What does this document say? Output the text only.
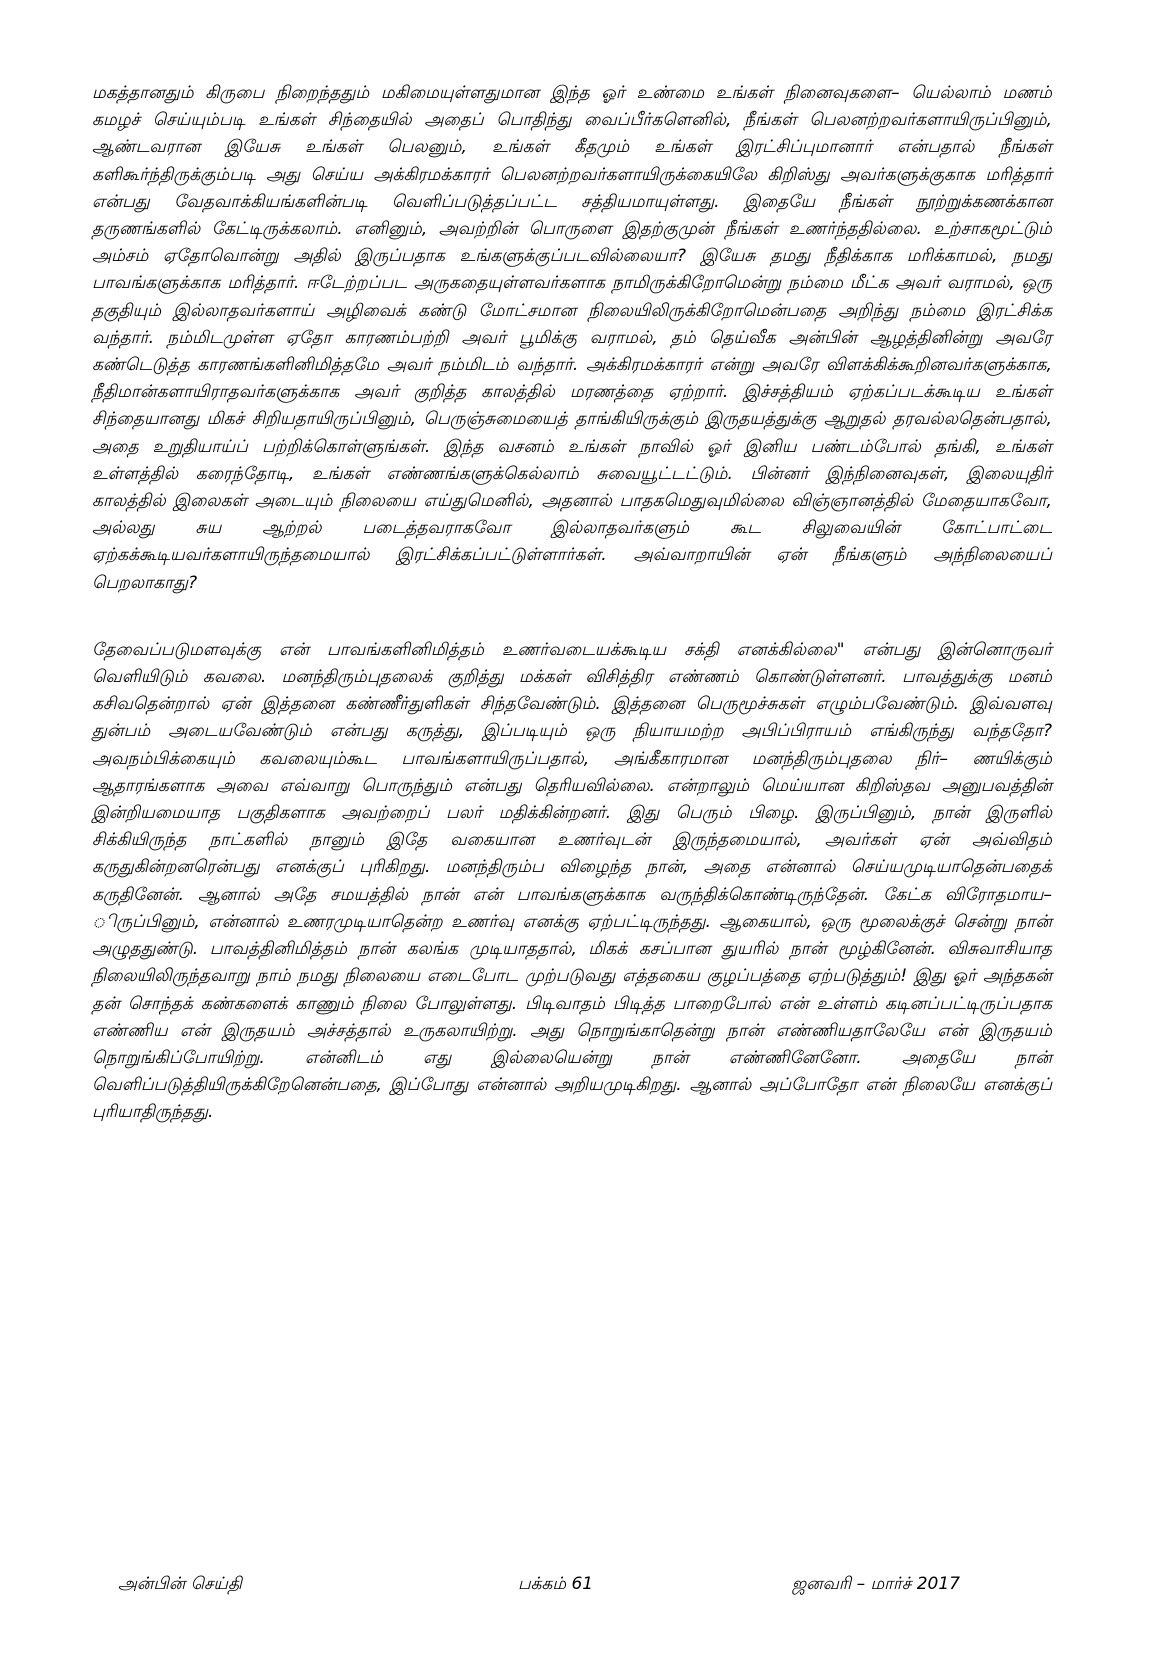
மகத்தானதும் கிருபை நிறைந்ததும் மகிமையுள்ளதுமான இந்த ஓர் உண்மை உங்கள் நினைவுகளை– யெல்லாம் மணம் கமழச் செய்யும்படி உங்கள் சிந்தையில் அதைப் பொதிந்து வைப்பீர்களெனில், நீங்கள் பெலனற்றவர்களாயிருப்பினும், ஆண்டவரான இயேசு உங்கள் பெலனும், உங்கள் கீதமும் உங்கள் இரட்சிப்புமானார் என்பதால் நீங்கள் களிகூர்ந்திருக்கும்படி அது செய்ய அக்கிரமக்காரர் பெலனற்றவர்களாயிருக்கையிலே கிறிஸ்து அவர்களுக்குகாக மரித்தார் என்பது வேதவாக்கியங்களின்படி வெளிப்படுத்தப்பட்ட சத்தியமாயுள்ளது. இதையே நீங்கள் நூற்றுக்கணக்கான தருணங்களில் கேட்டிருக்கலாம். எனினும், அவற்றின் பொருளை இதற்குமுன் நீங்கள் உணர்ந்ததில்லை. உற்சாகமூட்டும் அம்சம் ஏதோவொன்று அதில் இருப்பதாக உங்களுக்குப்படவில்லையா? இயேசு தமது நீதிக்காக மரிக்காமல், நமது பாவங்களுக்காக மரித்தார். ஈடேற்றப்பட அருகதையுள்ளவர்களாக நாமிருக்கிறோமென்று நம்மை மீட்க அவர் வராமல், ஒரு தகுதியும் இல்லாதவர்களாய் அழிவைக் கண்டு மோட்சமான நிலையிலிருக்கிறோமென்பதை அறிந்து நம்மை இரட்சிக்க வந்தார். நம்மிடமுள்ள ஏதோ காரணம்பற்றி அவர் பூமிக்கு வராமல், தம் தெய்வீக அன்பின் ஆழத்தினின்று அவரே கண்டெடுத்த காரணங்களினிமித்தமே அவர் நம்மிடம் வந்தார். அக்கிரமக்காரர் என்று அவரே விளக்கிக்கூறினவர்களுக்காக, நீதிமான்களாயிராதவர்களுக்காக அவர் குறித்த காலத்தில் மரணத்தை ஏற்றார். இச்சத்தியம் ஏற்கப்படக்கூடிய உங்கள் சிந்தையானது மிகச் சிறியதாயிருப்பினும், பெருஞ்சுமையைத் தாங்கியிருக்கும் இருதயத்துக்கு ஆறுதல் தரவல்லதென்பதால், அதை உறுதியாய்ப் பற்றிக்கொள்ளுங்கள். இந்த வசனம் உங்கள் நாவில் ஓர் இனிய பண்டம்போல் தங்கி, உங்கள் உள்ளத்தில் கரைந்தோடி, உங்கள் எண்ணங்களுக்கெல்லாம் சுவையூட்டட்டும். பின்னர் இந்நினைவுகள், இலையுதிர் காலத்தில் இலைகள் அடையும் நிலையை எய்துமெனில், அதனால் பாதகமெதுவுமில்லை விஞ்ஞானத்தில் மேதையாகவோ, அல்லது சுய ஆற்றல் படைத்தவராகவோ இல்லாதவர்களும் கூட சிலுவையின் கோட்பாட்டை ஏற்கக்கூடியவர்களாயிருந்தமையால் இரட்சிக்கப்பட்டுள்ளார்கள். அவ்வாறாயின் ஏன் நீங்களும் அந்நிலையைப் பெறலாகாது?

தேவைப்படுமளவுக்கு என் பாவங்களினிமித்தம் உணர்வடையக்கூடிய சக்தி எனக்கில்லை" என்பது இன்னொருவர் வெளியிடும் கவலை. மனந்திரும்புதலைக் குறித்து மக்கள் விசித்திர எண்ணம் கொண்டுள்ளனர். பாவத்துக்கு மனம் கசிவதென்றால் ஏன் இத்தனை கண்ணீர்துளிகள் சிந்தவேண்டும். இத்தனை பெருமூச்சுகள் எழும்பவேண்டும். இவ்வளவு துன்பம் அடையவேண்டும் என்பது கருத்து, இப்படியும் ஒரு நியாயமற்ற அபிப்பிராயம் எங்கிருந்து வந்ததோ? அவநம்பிக்கையும் கவலையும்கூட பாவங்களாயிருப்பதால், அங்கீகாரமான மனந்திரும்புதலை நிர்– ணயிக்கும் ஆதாரங்களாக அவை எவ்வாறு பொருந்தும் என்பது தெரியவில்லை. என்றாலும் மெய்யான கிறிஸ்தவ அனுபவத்தின் இன்றியமையாத பகுதிகளாக அவற்றைப் பலர் மதிக்கின்றனர். இது பெரும் பிழை. இருப்பினும், நான் இருளில் சிக்கியிருந்த நாட்களில் நானும் இதே வகையான உணர்வுடன் இருந்தமையால், அவர்கள் ஏன் அவ்விதம் கருதுகின்றனரென்பது எனக்குப் புரிகிறது. மனந்திரும்ப விழைந்த நான், அதை என்னால் செய்யமுடியாதென்பதைக் கருதினேன். ஆனால் அதே சமயத்தில் நான் என் பாவங்களுக்காக வருந்திக்கொண்டிருந்தேன். கேட்க விரோதமாய– ிருப்பினும், என்னால் உணரமுடியாதென்ற உணர்வு எனக்கு ஏற்பட்டிருந்தது. ஆகையால், ஒரு மூலைக்குச் சென்று நான் அழுததுண்டு. பாவத்தினிமித்தம் நான் கலங்க முடியாததால், மிகக் கசப்பான துயரில் நான் மூழ்கினேன். விசுவாசியாத நிலையிலிருந்தவாறு நாம் நமது நிலையை எடைபோட முற்படுவது எத்தகைய குழப்பத்தை ஏற்படுத்தும்! இது ஓர் அந்தகன் தன் சொந்தக் கண்களைக் காணும் நிலை போலுள்ளது. பிடிவாதம் பிடித்த பாறைபோல் என் உள்ளம் கடினப்பட்டிருப்பதாக எண்ணிய என் இருதயம் அச்சத்தால் உருகலாயிற்று. அது நொறுங்காதென்று நான் எண்ணியதாலேயே என் இருதயம் நொறுங்கிப்போயிற்று. என்னிடம் எது இல்லையென்று நான் எண்ணினேனோ. அதையே நான் வெளிப்படுத்தியிருக்கிறேனென்பதை, இப்போது என்னால் அறியமுடிகிறது. ஆனால் அப்போதோ என் நிலையே எனக்குப் புரியாதிருந்தது.

அன்பின் செய்தி	பக்கம் 61	ஜனவரி – மார்ச் 2017
